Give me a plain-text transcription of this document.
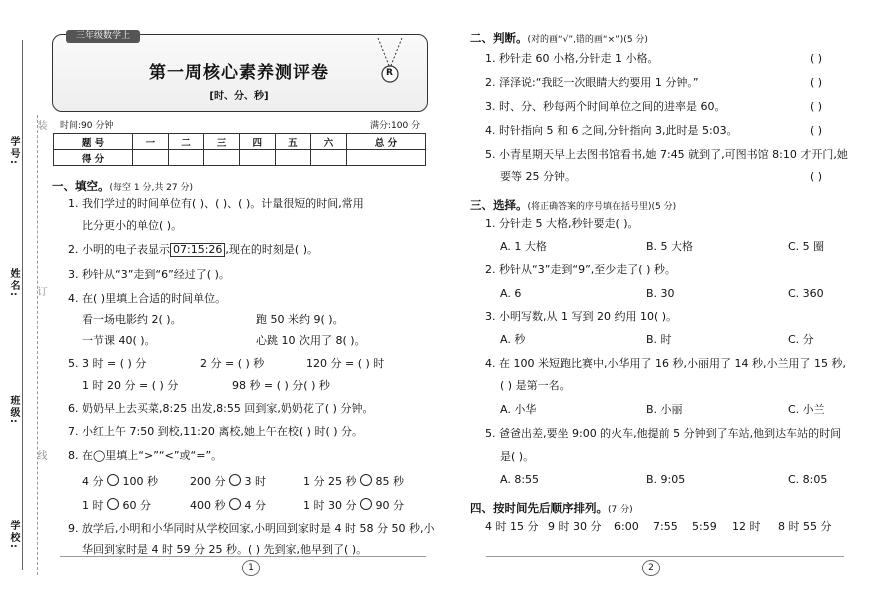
学号:
姓名:
班级:
学校:
装
订
线
三年级数学上
R
第一周核心素养测评卷
[时、分、秒]
时间:90 分钟	满分:100 分
题 号	一	二	三	四	五	六	总 分
得 分							
一、填空。(每空 1 分,共 27 分)
1. 我们学过的时间单位有( )、( )、( )。计量很短的时间,常用
比分更小的单位( )。
2. 小明的电子表显示 07:15:26 ,现在的时刻是( )。
3. 秒针从“3”走到“6”经过了( )。
4. 在( )里填上合适的时间单位。
看一场电影约 2( )。	跑 50 米约 9( )。
一节课 40( )。	心跳 10 次用了 8( )。
5. 3 时 = ( ) 分	2 分 = ( ) 秒	120 分 = ( ) 时
1 时 20 分 = ( ) 分	98 秒 = ( ) 分( ) 秒
6. 奶奶早上去买菜,8:25 出发,8:55 回到家,奶奶花了( ) 分钟。
7. 小红上午 7:50 到校,11:20 离校,她上午在校( ) 时( ) 分。
8. 在◯里填上“>”“<”或“=”。
4 分 100 秒	200 分 3 时	1 分 25 秒 85 秒
1 时 60 分	400 秒 4 分	1 时 30 分 90 分
9. 放学后,小明和小华同时从学校回家,小明回到家时是 4 时 58 分 50 秒,小
华回到家时是 4 时 59 分 25 秒。( ) 先到家,他早到了( )。
二、判断。(对的画“√”,错的画“×”)(5 分)
1. 秒针走 60 小格,分针走 1 小格。	( )
2. 泽泽说:“我眨一次眼睛大约要用 1 分钟。”	( )
3. 时、分、秒每两个时间单位之间的进率是 60。	( )
4. 时针指向 5 和 6 之间,分针指向 3,此时是 5:03。	( )
5. 小青星期天早上去图书馆看书,她 7:45 就到了,可图书馆 8:10 才开门,她
要等 25 分钟。	( )
三、选择。(将正确答案的序号填在括号里)(5 分)
1. 分针走 5 大格,秒针要走( )。
A. 1 大格	B. 5 大格	C. 5 圈
2. 秒针从“3”走到“9”,至少走了( ) 秒。
A. 6	B. 30	C. 360
3. 小明写数,从 1 写到 20 约用 10( )。
A. 秒	B. 时	C. 分
4. 在 100 米短跑比赛中,小华用了 16 秒,小丽用了 14 秒,小兰用了 15 秒,
( ) 是第一名。
A. 小华	B. 小丽	C. 小兰
5. 爸爸出差,要坐 9:00 的火车,他提前 5 分钟到了车站,他到达车站的时间
是( )。
A. 8:55	B. 9:05	C. 8:05
四、按时间先后顺序排列。(7 分)
4 时 15 分 9 时 30 分 6:00 7:55 5:59 12 时 8 时 55 分
1	2
